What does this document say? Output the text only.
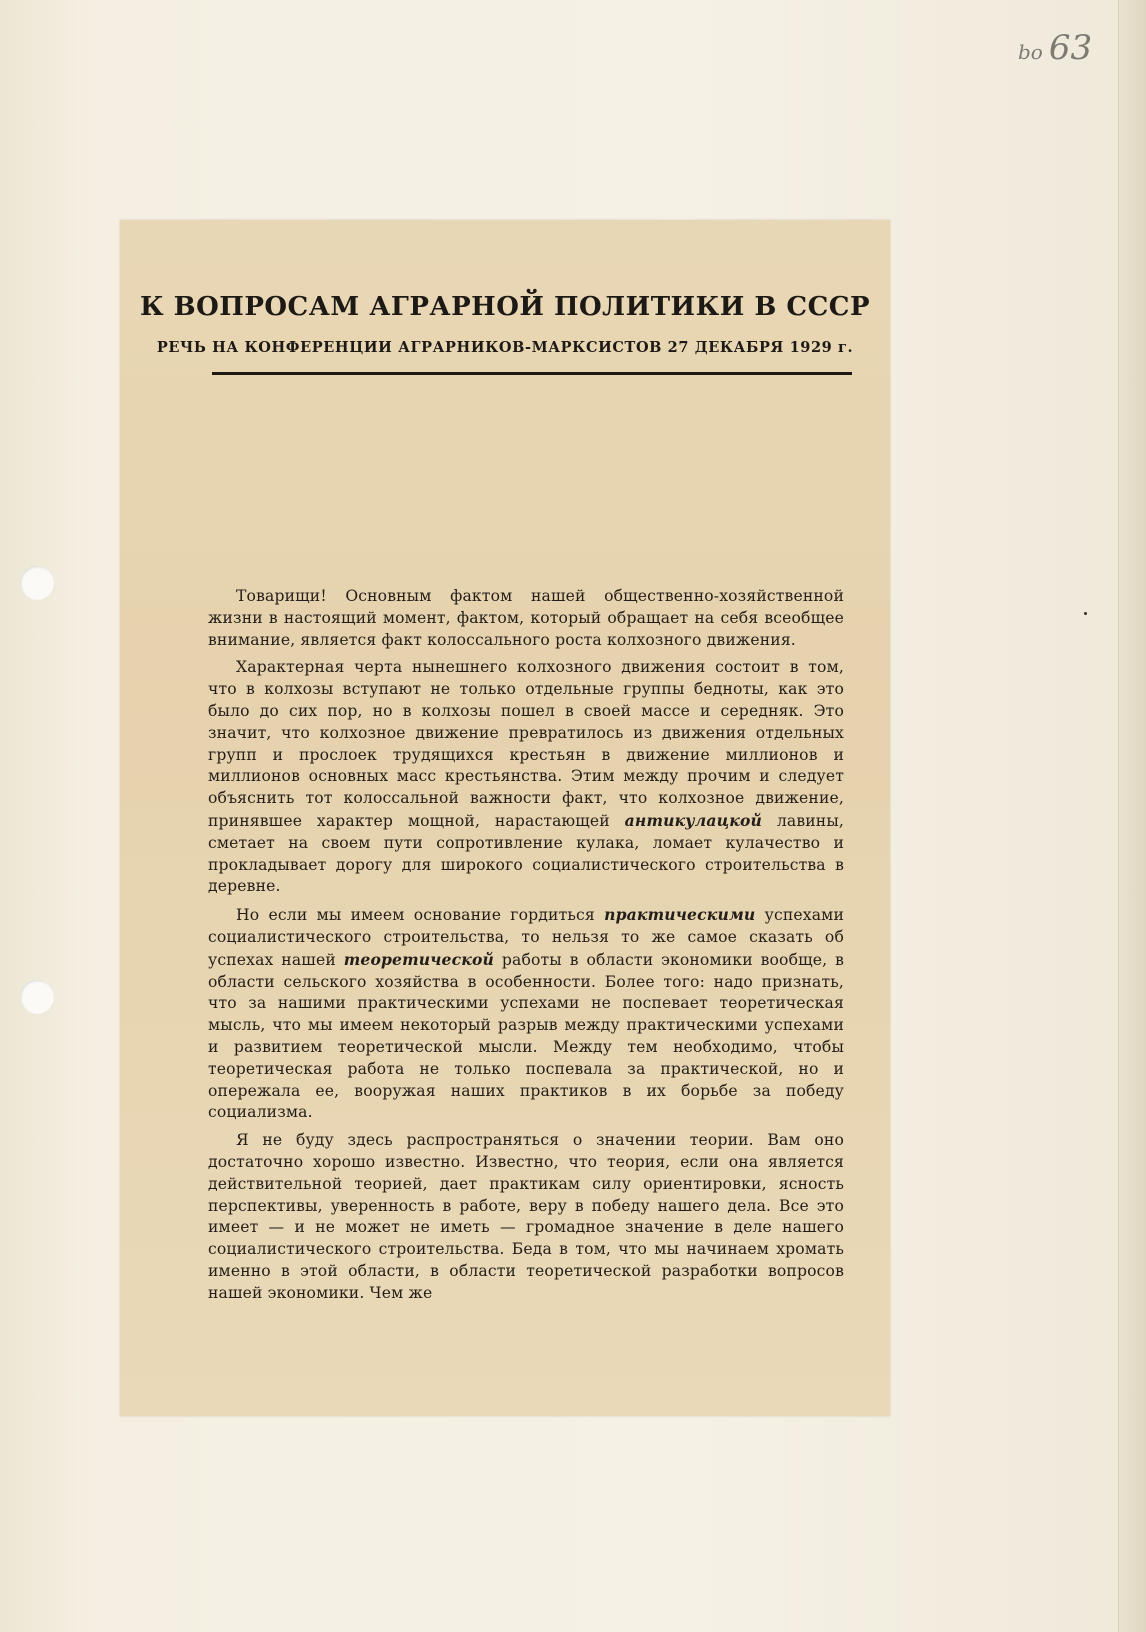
bo 63
К ВОПРОСАМ АГРАРНОЙ ПОЛИТИКИ В СССР
РЕЧЬ НА КОНФЕРЕНЦИИ АГРАРНИКОВ-МАРКСИСТОВ 27 ДЕКАБРЯ 1929 г.

Товарищи! Основным фактом нашей общественно-хозяйственной жизни в настоящий момент, фактом, который обращает на себя всеобщее внимание, является факт колоссального роста колхозного движения.

Характерная черта нынешнего колхозного движения состоит в том, что в колхозы вступают не только отдельные группы бедноты, как это было до сих пор, но в колхозы пошел в своей массе и середняк. Это значит, что колхозное движение превратилось из движения отдельных групп и прослоек трудящихся крестьян в движение миллионов и миллионов основных масс крестьянства. Этим между прочим и следует объяснить тот колоссальной важности факт, что колхозное движение, принявшее характер мощной, нарастающей антикулацкой лавины, сметает на своем пути сопротивление кулака, ломает кулачество и прокладывает дорогу для широкого социалистического строительства в деревне.

Но если мы имеем основание гордиться практическими успехами социалистического строительства, то нельзя то же самое сказать об успехах нашей теоретической работы в области экономики вообще, в области сельского хозяйства в особенности. Более того: надо признать, что за нашими практическими успехами не поспевает теоретическая мысль, что мы имеем некоторый разрыв между практическими успехами и развитием теоретической мысли. Между тем необходимо, чтобы теоретическая работа не только поспевала за практической, но и опережала ее, вооружая наших практиков в их борьбе за победу социализма.

Я не буду здесь распространяться о значении теории. Вам оно достаточно хорошо известно. Известно, что теория, если она является действительной теорией, дает практикам силу ориентировки, ясность перспективы, уверенность в работе, веру в победу нашего дела. Все это имеет — и не может не иметь — громадное значение в деле нашего социалистического строительства. Беда в том, что мы начинаем хромать именно в этой области, в области теоретической разработки вопросов нашей экономики. Чем же
